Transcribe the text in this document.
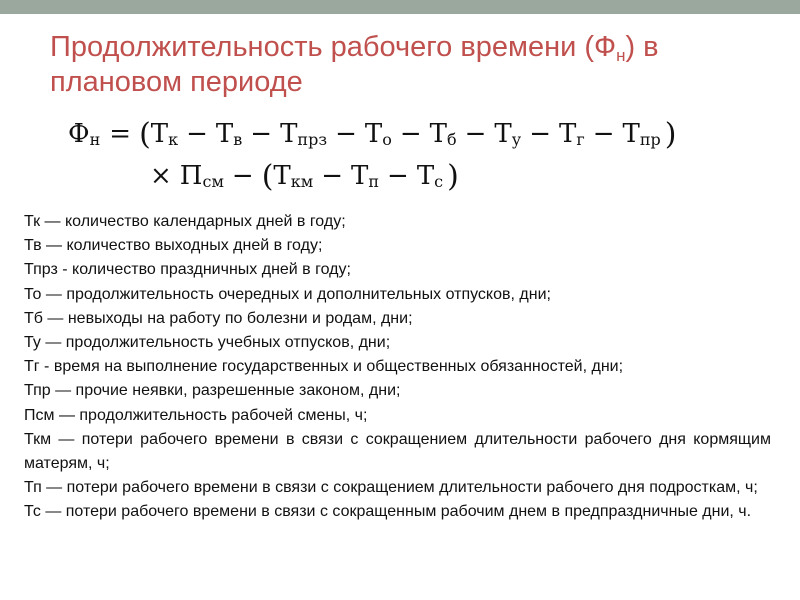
Продолжительность рабочего времени $(Ф_н)$ в плановом периоде
Фн = (Тк − Тв − Тпрз − То − Тб − Ту − Тг − Тпр )
× Псм − (Ткм − Тп − Тс )
Тк — количество календарных дней в году;
Тв — количество выходных дней в году;
Тпрз - количество праздничных дней в году;
То — продолжительность очередных и дополнительных отпусков, дни;
Тб — невыходы на работу по болезни и родам, дни;
Ту — продолжительность учебных отпусков, дни;
Тг - время на выполнение государственных и общественных обязанностей, дни;
Тпр — прочие неявки, разрешенные законом, дни;
Псм — продолжительность рабочей смены, ч;
Ткм — потери рабочего времени в связи с сокращением длительности рабочего дня кормящим матерям, ч;
Тп — потери рабочего времени в связи с сокращением длительности рабочего дня подросткам, ч;
Тс — потери рабочего времени в связи с сокращенным рабочим днем в предпраздничные дни, ч.
